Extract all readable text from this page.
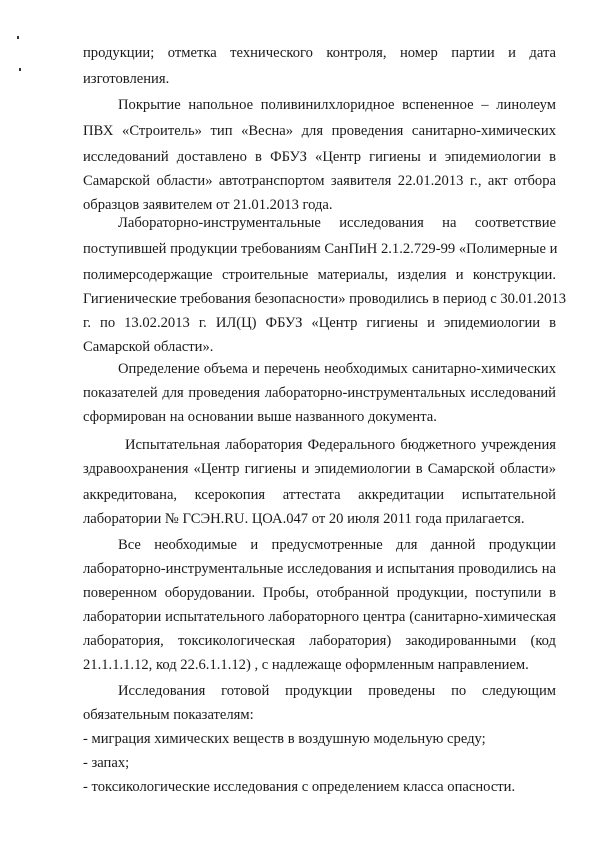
продукции; отметка технического контроля, номер партии и дата
изготовления.
Покрытие напольное поливинилхлоридное вспененное – линолеум
ПВХ «Строитель» тип «Весна» для проведения санитарно-химических
исследований доставлено в ФБУЗ «Центр гигиены и эпидемиологии в
Самарской области» автотранспортом заявителя 22.01.2013 г., акт отбора
образцов заявителем от 21.01.2013 года.
Лабораторно-инструментальные исследования на соответствие
поступившей продукции требованиям СанПиН 2.1.2.729-99 «Полимерные и
полимерсодержащие строительные материалы, изделия и конструкции.
Гигиенические требования безопасности» проводились в период с 30.01.2013
г. по 13.02.2013 г. ИЛ(Ц) ФБУЗ «Центр гигиены и эпидемиологии в
Самарской области».
Определение объема и перечень необходимых санитарно-химических
показателей для проведения лабораторно-инструментальных исследований
сформирован на основании выше названного документа.
Испытательная лаборатория Федерального бюджетного учреждения
здравоохранения «Центр гигиены и эпидемиологии в Самарской области»
аккредитована, ксерокопия аттестата аккредитации испытательной
лаборатории № ГСЭН.RU. ЦОА.047 от 20 июля 2011 года прилагается.
Все необходимые и предусмотренные для данной продукции
лабораторно-инструментальные исследования и испытания проводились на
поверенном оборудовании. Пробы, отобранной продукции, поступили в
лаборатории испытательного лабораторного центра (санитарно-химическая
лаборатория, токсикологическая лаборатория) закодированными (код
21.1.1.1.12, код 22.6.1.1.12) , с надлежаще оформленным направлением.
Исследования готовой продукции проведены по следующим
обязательным показателям:
- миграция химических веществ в воздушную модельную среду;
- запах;
- токсикологические исследования с определением класса опасности.
